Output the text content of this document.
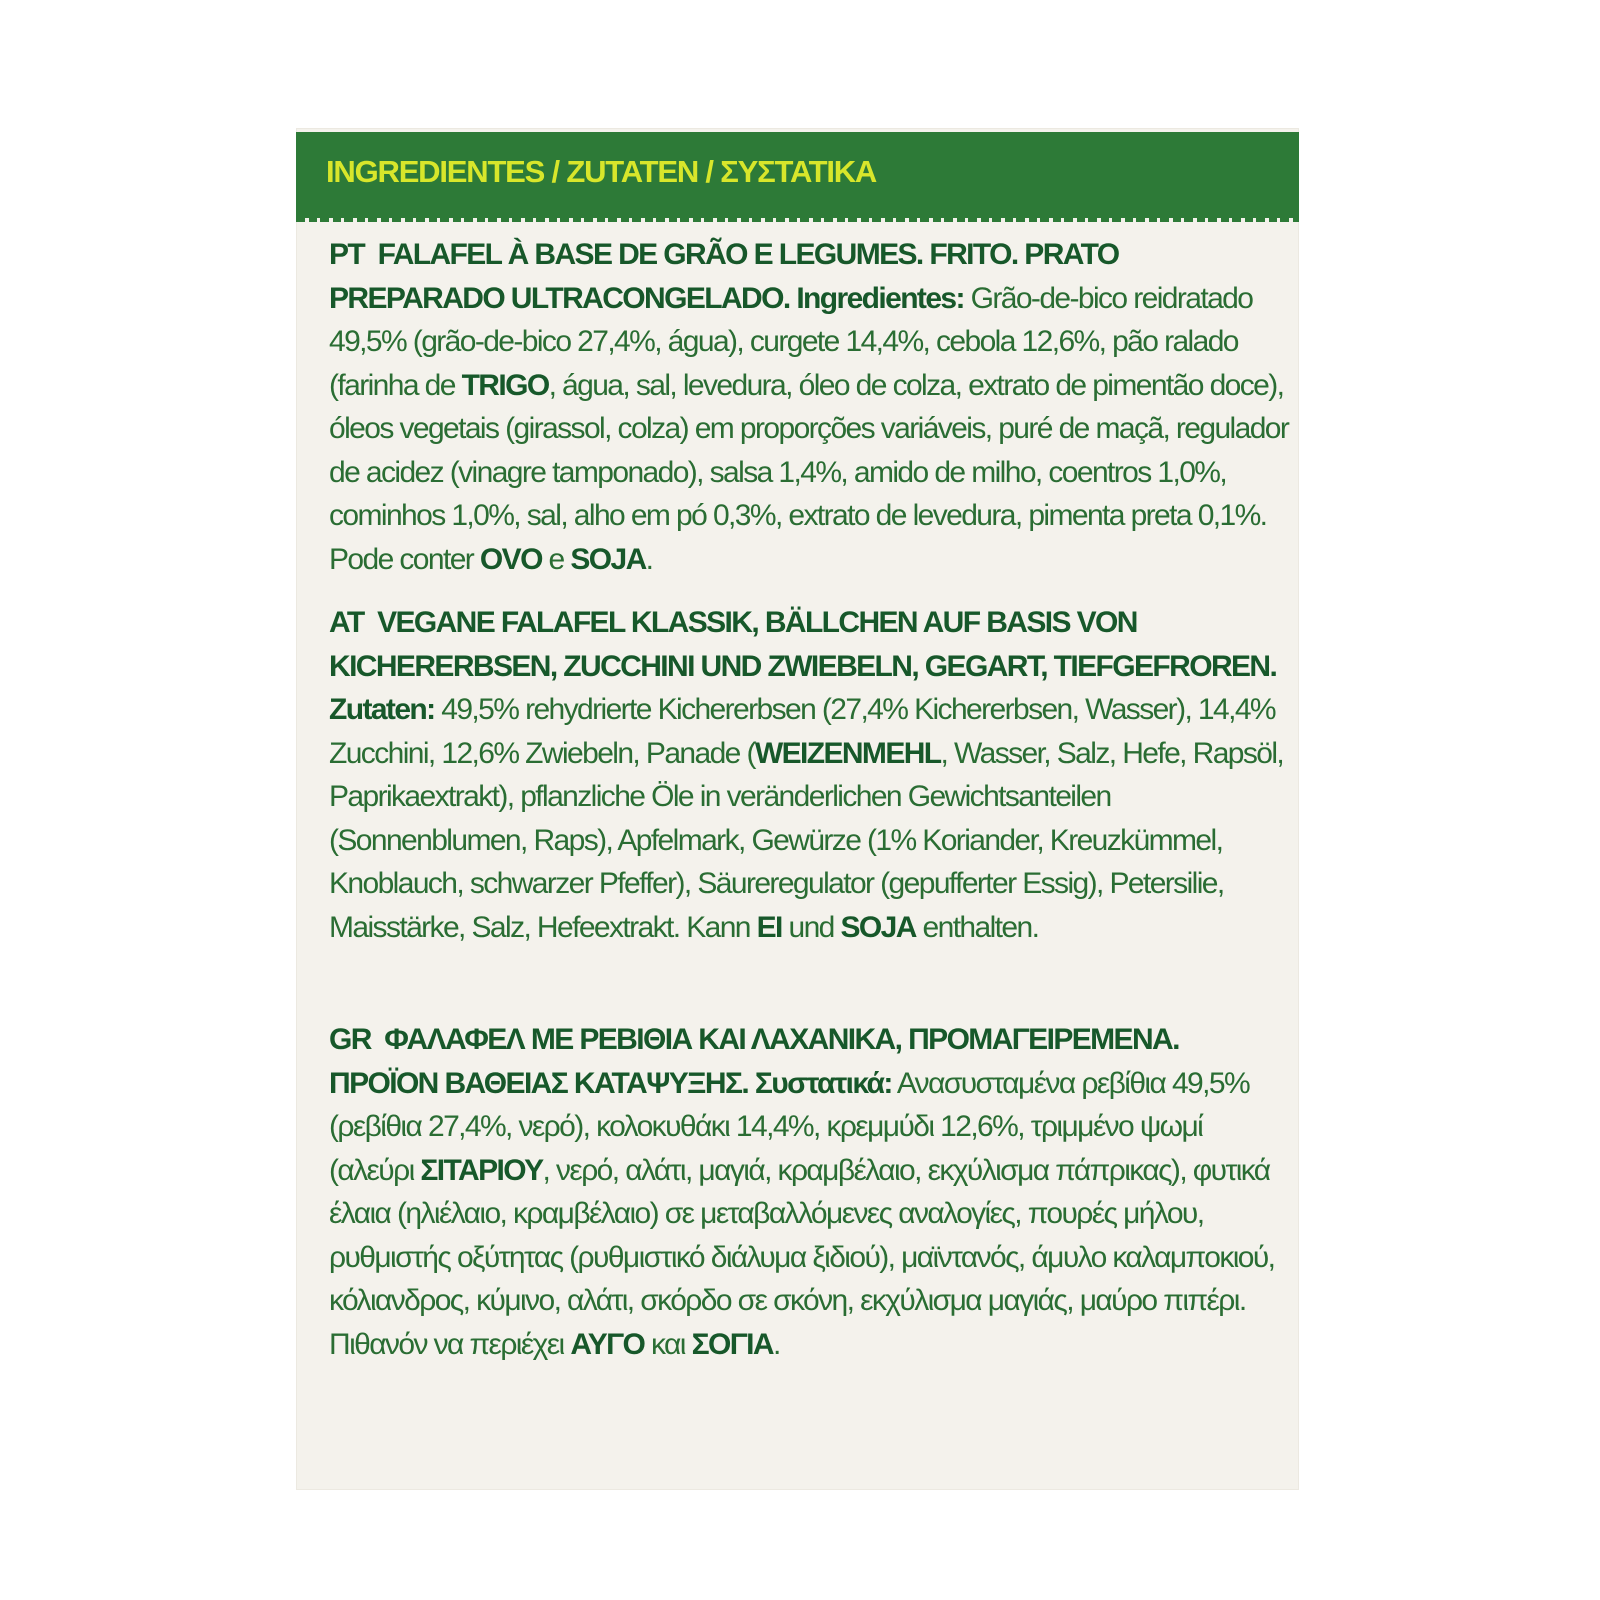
INGREDIENTES / ZUTATEN / ΣΥΣΤΑΤΙΚΑ

PT FALAFEL À BASE DE GRÃO E LEGUMES. FRITO. PRATO PREPARADO ULTRACONGELADO. Ingredientes: Grão-de-bico reidratado 49,5% (grão-de-bico 27,4%, água), curgete 14,4%, cebola 12,6%, pão ralado (farinha de TRIGO, água, sal, levedura, óleo de colza, extrato de pimentão doce), óleos vegetais (girassol, colza) em proporções variáveis, puré de maçã, regulador de acidez (vinagre tamponado), salsa 1,4%, amido de milho, coentros 1,0%, cominhos 1,0%, sal, alho em pó 0,3%, extrato de levedura, pimenta preta 0,1%. Pode conter OVO e SOJA.

AT VEGANE FALAFEL KLASSIK, BÄLLCHEN AUF BASIS VON KICHERERBSEN, ZUCCHINI UND ZWIEBELN, GEGART, TIEFGEFROREN. Zutaten: 49,5% rehydrierte Kichererbsen (27,4% Kichererbsen, Wasser), 14,4% Zucchini, 12,6% Zwiebeln, Panade (WEIZENMEHL, Wasser, Salz, Hefe, Rapsöl, Paprikaextrakt), pflanzliche Öle in veränderlichen Gewichtsanteilen (Sonnenblumen, Raps), Apfelmark, Gewürze (1% Koriander, Kreuzkümmel, Knoblauch, schwarzer Pfeffer), Säureregulator (gepufferter Essig), Petersilie, Maisstärke, Salz, Hefeextrakt. Kann EI und SOJA enthalten.

GR ΦΑΛΑΦΕΛ ΜΕ ΡΕΒΙΘΙΑ ΚΑΙ ΛΑΧΑΝΙΚΑ, ΠΡΟΜΑΓΕΙΡΕΜΕΝΑ. ΠΡΟΪΟΝ ΒΑΘΕΙΑΣ ΚΑΤΑΨΥΞΗΣ. Συστατικά: Ανασυσταμένα ρεβίθια 49,5% (ρεβίθια 27,4%, νερό), κολοκυθάκι 14,4%, κρεμμύδι 12,6%, τριμμένο ψωμί (αλεύρι ΣΙΤΑΡΙΟΥ, νερό, αλάτι, μαγιά, κραμβέλαιο, εκχύλισμα πάπρικας), φυτικά έλαια (ηλιέλαιο, κραμβέλαιο) σε μεταβαλλόμενες αναλογίες, πουρές μήλου, ρυθμιστής οξύτητας (ρυθμιστικό διάλυμα ξιδιού), μαϊντανός, άμυλο καλαμποκιού, κόλιανδρος, κύμινο, αλάτι, σκόρδο σε σκόνη, εκχύλισμα μαγιάς, μαύρο πιπέρι. Πιθανόν να περιέχει ΑΥΓΟ και ΣΟΓΙΑ.
